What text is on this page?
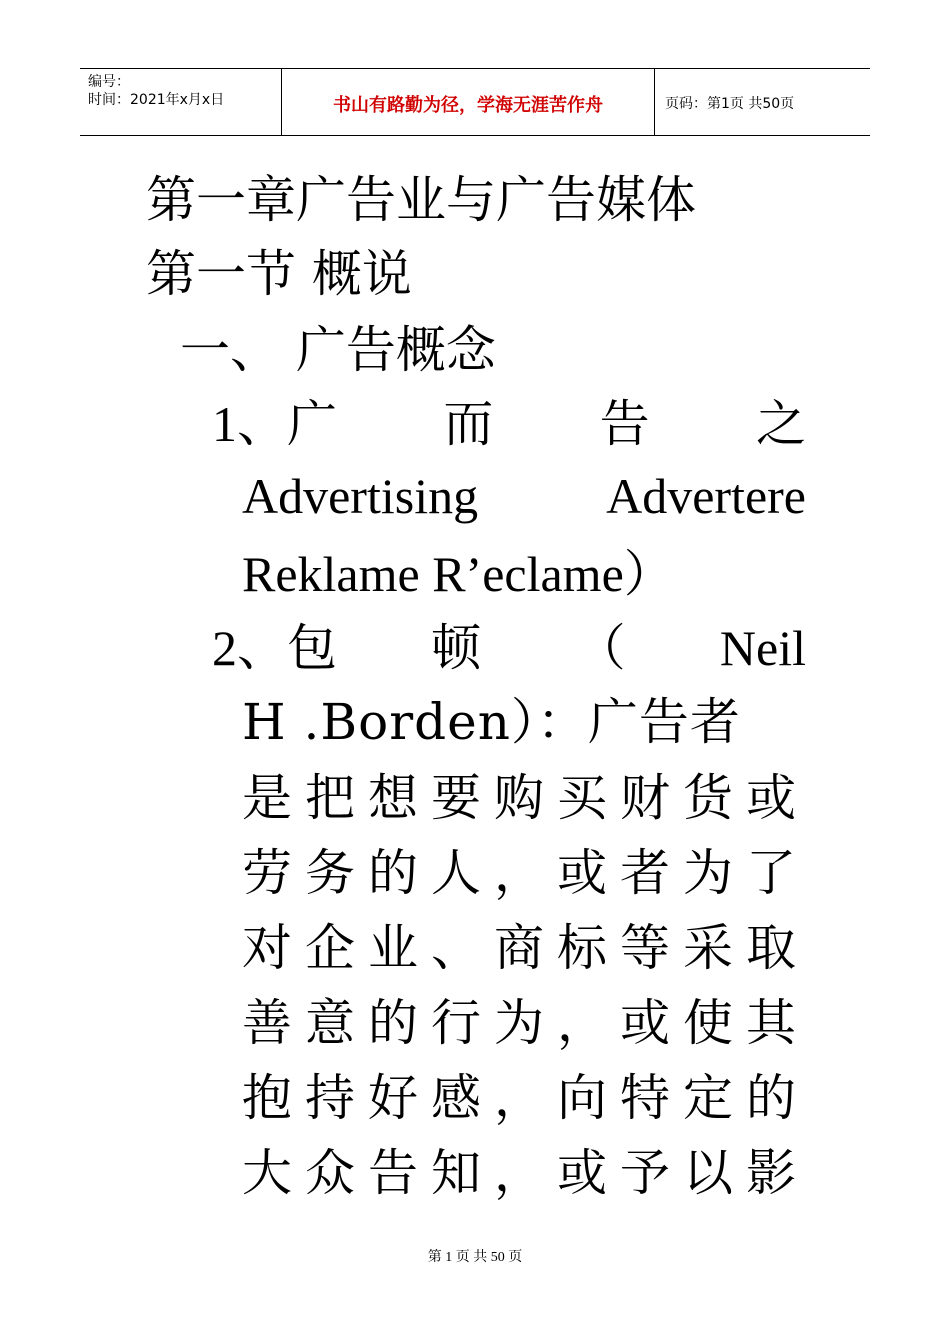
编号：
时间：2021年x月x日	书山有路勤为径，学海无涯苦作舟	页码：第1页 共50页
第一章广告业与广告媒体
第一节 概说
一、 广告概念
1、广 而 告 之
Advertising	Advertere
Reklame R’eclame）
2、包 顿 （ Neil
H .Borden）：广告者
是把想要购买财货或
劳务的人，或者为了
对企业、商标等采取
善意的行为，或使其
抱持好感，向特定的
大众告知，或予以影
第 1 页 共 50 页
